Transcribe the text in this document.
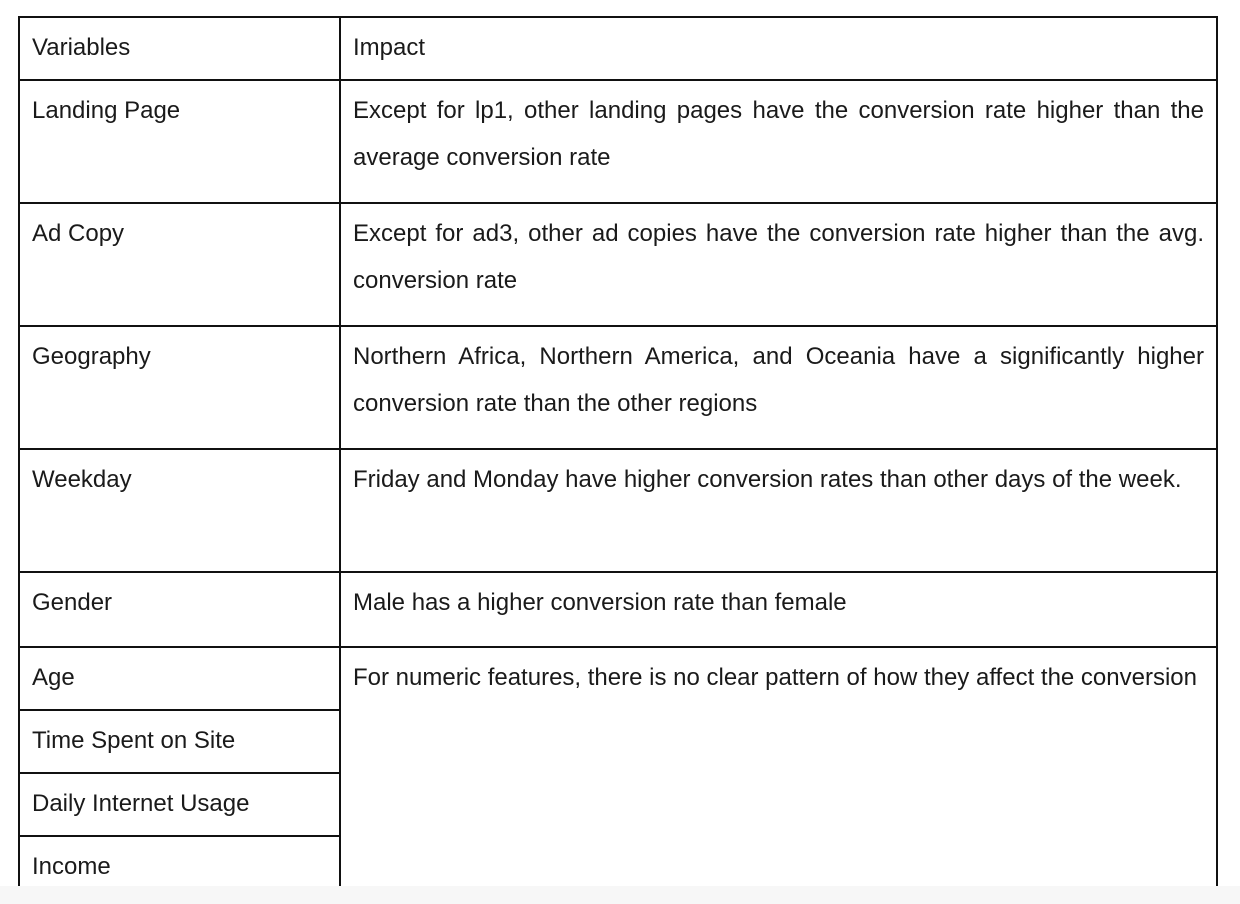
Variables	Impact
Landing Page	Except for lp1, other landing pages have the conversion rate higher than the average conversion rate
Ad Copy	Except for ad3, other ad copies have the conversion rate higher than the avg. conversion rate
Geography	Northern Africa, Northern America, and Oceania have a significantly higher conversion rate than the other regions
Weekday	Friday and Monday have higher conversion rates than other days of the week.
Gender	Male has a higher conversion rate than female
Age	For numeric features, there is no clear pattern of how they affect the conversion
Time Spent on Site	
Daily Internet Usage	
Income	
